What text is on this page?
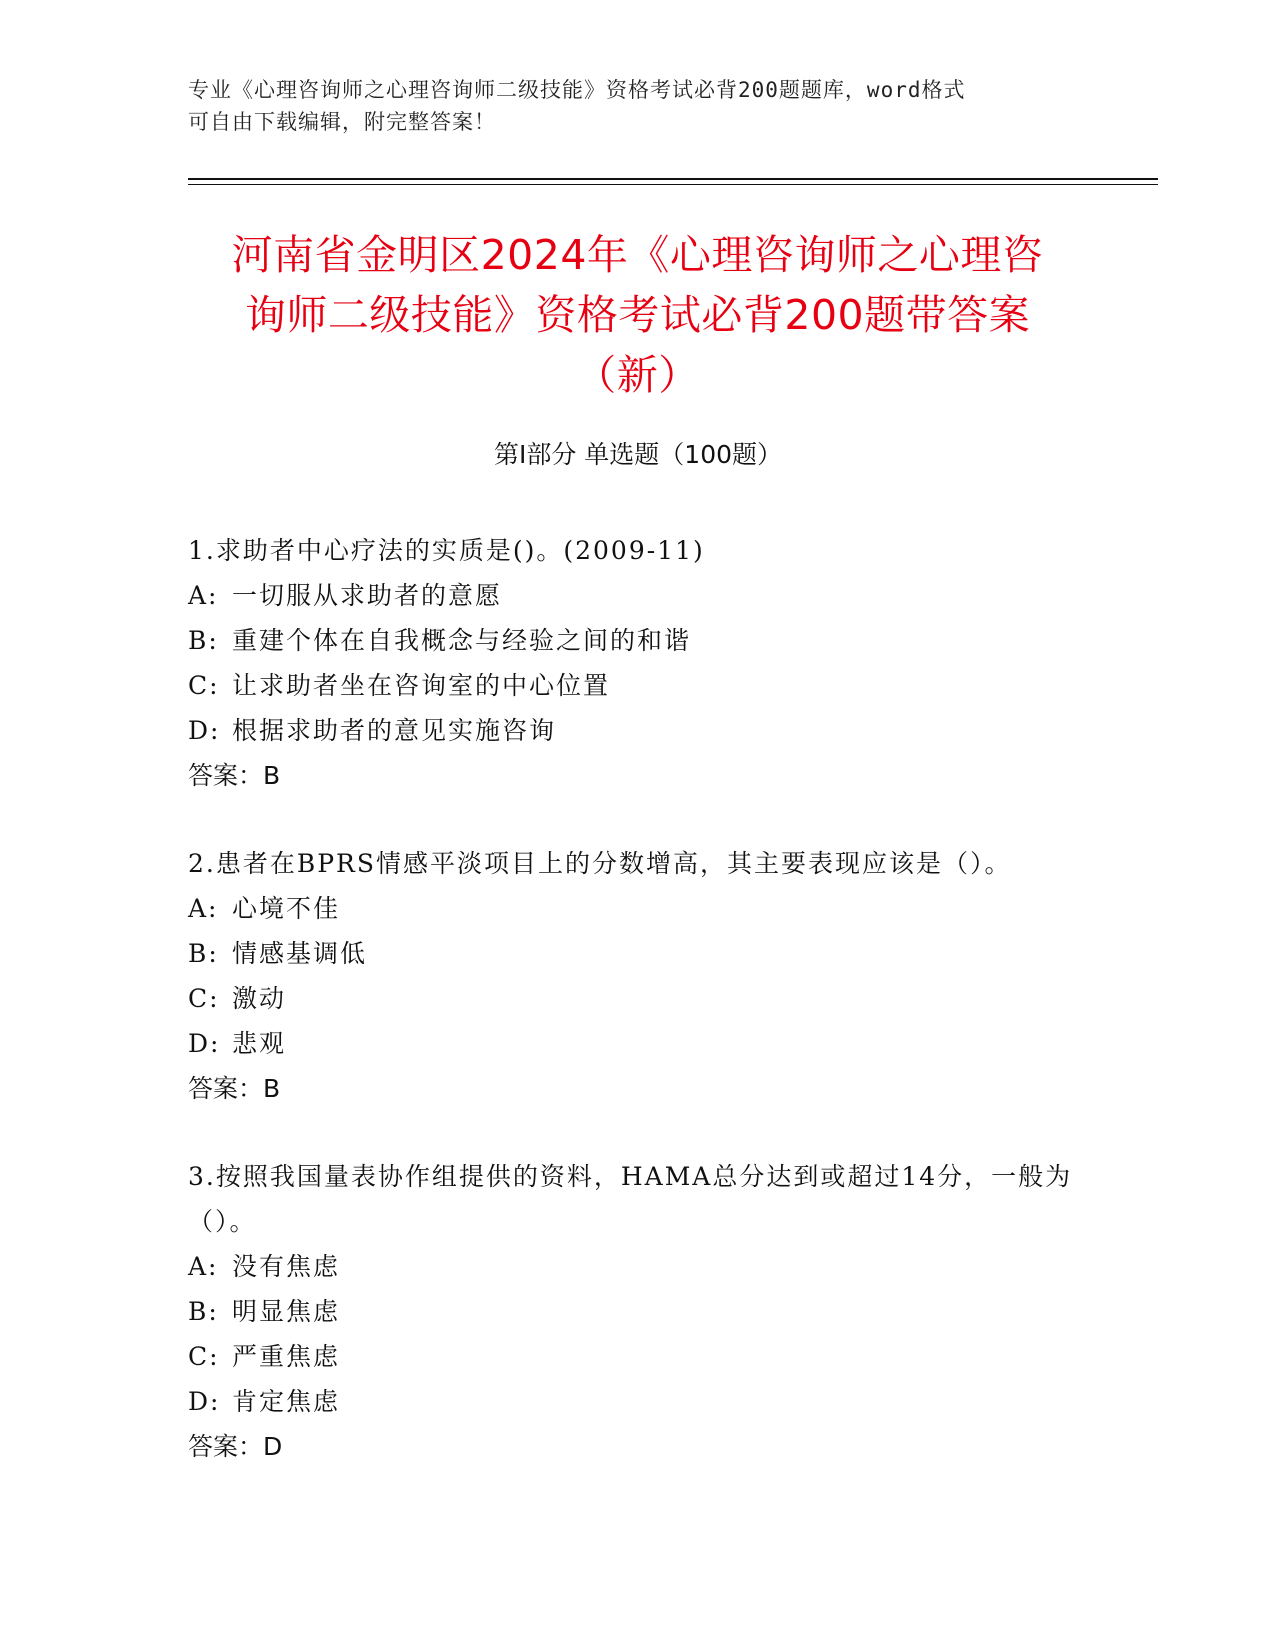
专业《心理咨询师之心理咨询师二级技能》资格考试必背200题题库，word格式
可自由下载编辑，附完整答案！
河南省金明区2024年《心理咨询师之心理咨
询师二级技能》资格考试必背200题带答案
（新）
第Ⅰ部分 单选题（100题）
1.求助者中心疗法的实质是()。(2009-11)
A: 一切服从求助者的意愿
B: 重建个体在自我概念与经验之间的和谐
C: 让求助者坐在咨询室的中心位置
D: 根据求助者的意见实施咨询
答案：B
2.患者在BPRS情感平淡项目上的分数增高，其主要表现应该是（）。
A: 心境不佳
B: 情感基调低
C: 激动
D: 悲观
答案：B
3.按照我国量表协作组提供的资料，HAMA总分达到或超过14分，一般为（）。
A: 没有焦虑
B: 明显焦虑
C: 严重焦虑
D: 肯定焦虑
答案：D
